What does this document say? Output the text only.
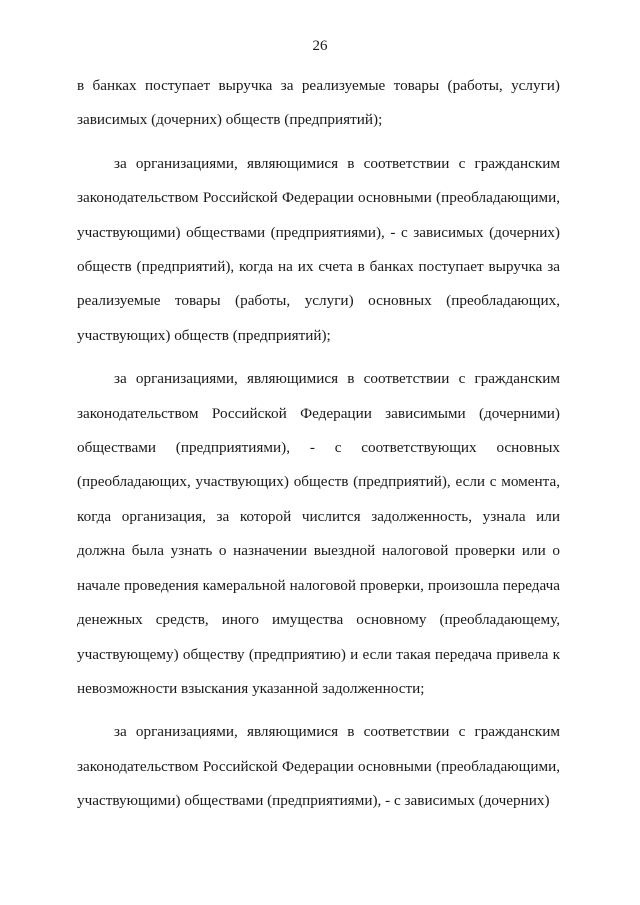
26

в банках поступает выручка за реализуемые товары (работы, услуги) зависимых (дочерних) обществ (предприятий);

за организациями, являющимися в соответствии с гражданским законодательством Российской Федерации основными (преобладающими, участвующими) обществами (предприятиями), - с зависимых (дочерних) обществ (предприятий), когда на их счета в банках поступает выручка за реализуемые товары (работы, услуги) основных (преобладающих, участвующих) обществ (предприятий);

за организациями, являющимися в соответствии с гражданским законодательством Российской Федерации зависимыми (дочерними) обществами (предприятиями), - с соответствующих основных (преобладающих, участвующих) обществ (предприятий), если с момента, когда организация, за которой числится задолженность, узнала или должна была узнать о назначении выездной налоговой проверки или о начале проведения камеральной налоговой проверки, произошла передача денежных средств, иного имущества основному (преобладающему, участвующему) обществу (предприятию) и если такая передача привела к невозможности взыскания указанной задолженности;

за организациями, являющимися в соответствии с гражданским законодательством Российской Федерации основными (преобладающими, участвующими) обществами (предприятиями), - с зависимых (дочерних)
